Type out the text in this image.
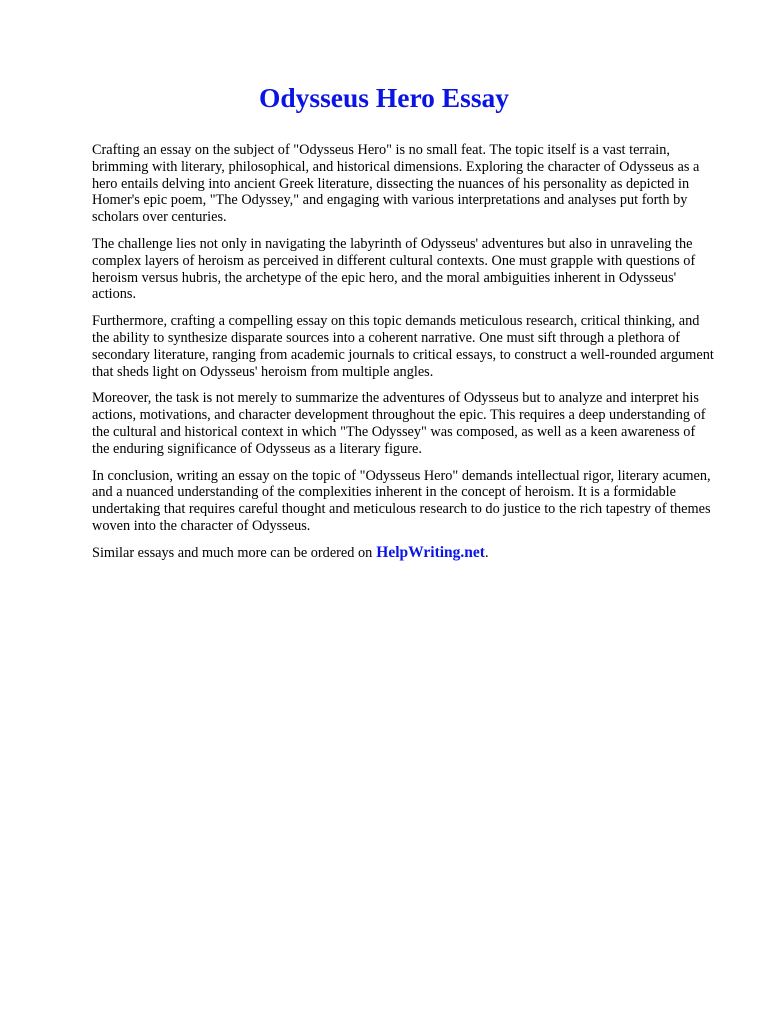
Odysseus Hero Essay

Crafting an essay on the subject of "Odysseus Hero" is no small feat. The topic itself is a vast terrain, brimming with literary, philosophical, and historical dimensions. Exploring the character of Odysseus as a hero entails delving into ancient Greek literature, dissecting the nuances of his personality as depicted in Homer's epic poem, "The Odyssey," and engaging with various interpretations and analyses put forth by scholars over centuries.

The challenge lies not only in navigating the labyrinth of Odysseus' adventures but also in unraveling the complex layers of heroism as perceived in different cultural contexts. One must grapple with questions of heroism versus hubris, the archetype of the epic hero, and the moral ambiguities inherent in Odysseus' actions.

Furthermore, crafting a compelling essay on this topic demands meticulous research, critical thinking, and the ability to synthesize disparate sources into a coherent narrative. One must sift through a plethora of secondary literature, ranging from academic journals to critical essays, to construct a well-rounded argument that sheds light on Odysseus' heroism from multiple angles.

Moreover, the task is not merely to summarize the adventures of Odysseus but to analyze and interpret his actions, motivations, and character development throughout the epic. This requires a deep understanding of the cultural and historical context in which "The Odyssey" was composed, as well as a keen awareness of the enduring significance of Odysseus as a literary figure.

In conclusion, writing an essay on the topic of "Odysseus Hero" demands intellectual rigor, literary acumen, and a nuanced understanding of the complexities inherent in the concept of heroism. It is a formidable undertaking that requires careful thought and meticulous research to do justice to the rich tapestry of themes woven into the character of Odysseus.

Similar essays and much more can be ordered on HelpWriting.net.
